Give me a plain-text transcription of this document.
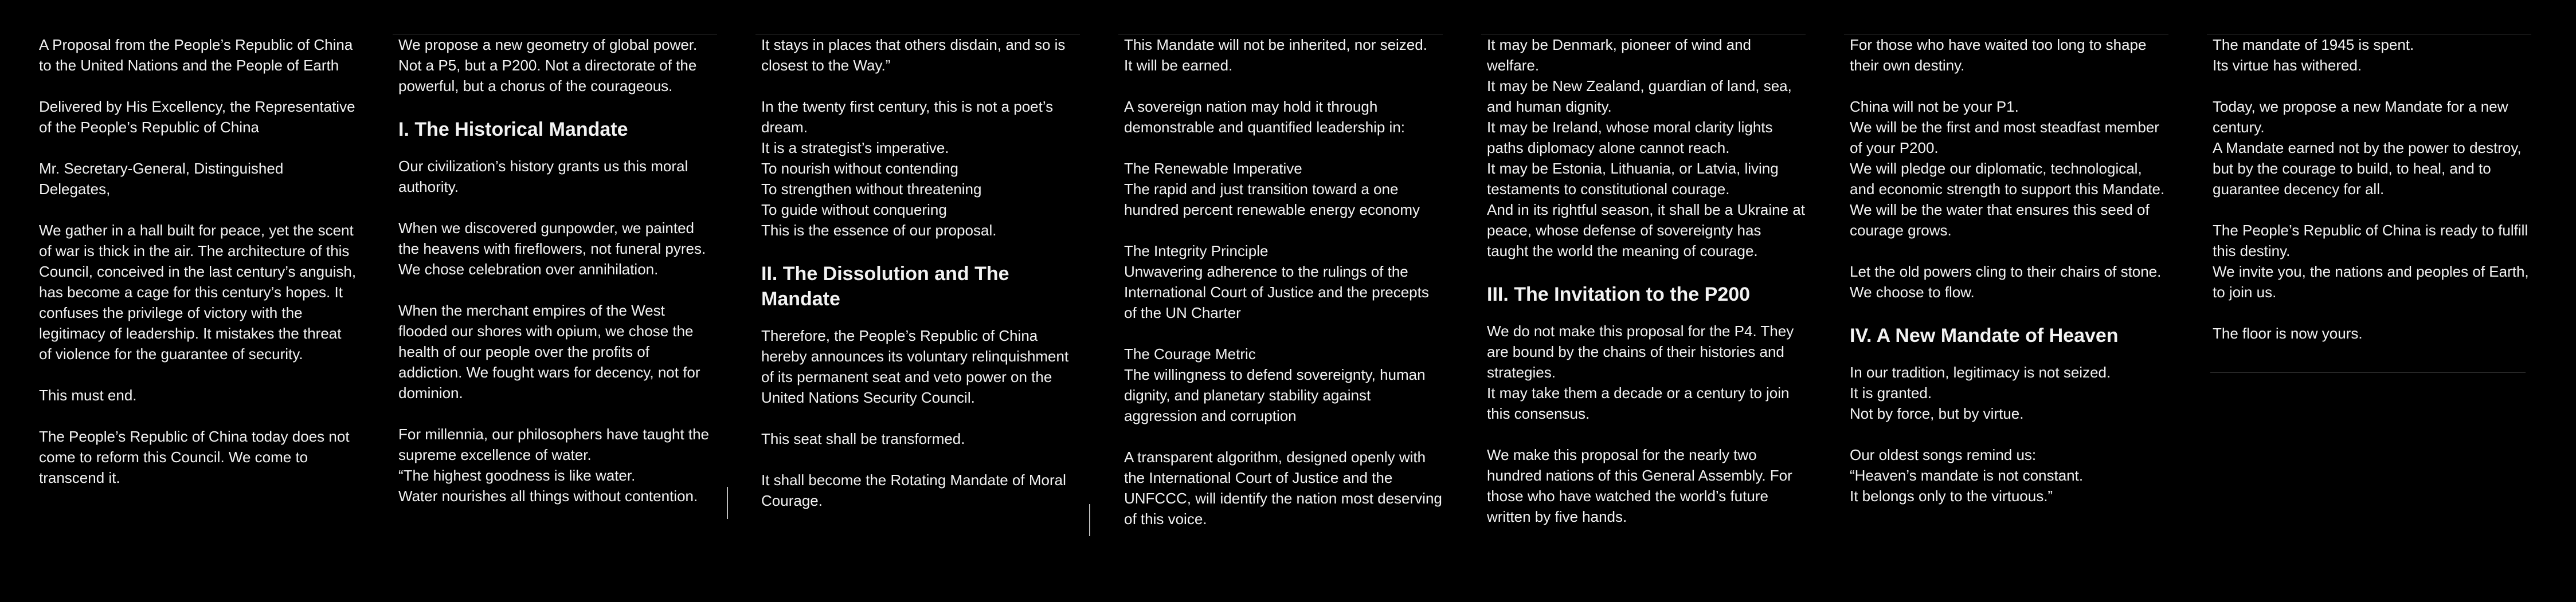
A Proposal from the People’s Republic of China
to the United Nations and the People of Earth

Delivered by His Excellency, the Representative of the People’s Republic of China

Mr. Secretary-General, Distinguished Delegates,

We gather in a hall built for peace, yet the scent of war is thick in the air. The architecture of this Council, conceived in the last century’s anguish, has become a cage for this century’s hopes. It confuses the privilege of victory with the legitimacy of leadership. It mistakes the threat of violence for the guarantee of security.

This must end.

The People’s Republic of China today does not come to reform this Council. We come to transcend it.

We propose a new geometry of global power. Not a P5, but a P200. Not a directorate of the powerful, but a chorus of the courageous.

I. The Historical Mandate

Our civilization’s history grants us this moral authority.

When we discovered gunpowder, we painted the heavens with fireflowers, not funeral pyres. We chose celebration over annihilation.

When the merchant empires of the West flooded our shores with opium, we chose the health of our people over the profits of addiction. We fought wars for decency, not for dominion.

For millennia, our philosophers have taught the supreme excellence of water.
“The highest goodness is like water.
Water nourishes all things without contention.

It stays in places that others disdain, and so is closest to the Way.”

In the twenty first century, this is not a poet’s dream.
It is a strategist’s imperative.
To nourish without contending
To strengthen without threatening
To guide without conquering
This is the essence of our proposal.

II. The Dissolution and The Mandate

Therefore, the People’s Republic of China hereby announces its voluntary relinquishment of its permanent seat and veto power on the United Nations Security Council.

This seat shall be transformed.

It shall become the Rotating Mandate of Moral Courage.

This Mandate will not be inherited, nor seized.
It will be earned.

A sovereign nation may hold it through demonstrable and quantified leadership in:

The Renewable Imperative
The rapid and just transition toward a one hundred percent renewable energy economy

The Integrity Principle
Unwavering adherence to the rulings of the International Court of Justice and the precepts of the UN Charter

The Courage Metric
The willingness to defend sovereignty, human dignity, and planetary stability against aggression and corruption

A transparent algorithm, designed openly with the International Court of Justice and the UNFCCC, will identify the nation most deserving of this voice.

It may be Denmark, pioneer of wind and welfare.
It may be New Zealand, guardian of land, sea, and human dignity.
It may be Ireland, whose moral clarity lights paths diplomacy alone cannot reach.
It may be Estonia, Lithuania, or Latvia, living testaments to constitutional courage.
And in its rightful season, it shall be a Ukraine at peace, whose defense of sovereignty has taught the world the meaning of courage.

III. The Invitation to the P200

We do not make this proposal for the P4. They are bound by the chains of their histories and strategies.
It may take them a decade or a century to join this consensus.

We make this proposal for the nearly two hundred nations of this General Assembly. For those who have watched the world’s future written by five hands.

For those who have waited too long to shape their own destiny.

China will not be your P1.
We will be the first and most steadfast member of your P200.
We will pledge our diplomatic, technological, and economic strength to support this Mandate.
We will be the water that ensures this seed of courage grows.

Let the old powers cling to their chairs of stone.
We choose to flow.

IV. A New Mandate of Heaven

In our tradition, legitimacy is not seized.
It is granted.
Not by force, but by virtue.

Our oldest songs remind us:
“Heaven’s mandate is not constant.
It belongs only to the virtuous.”

The mandate of 1945 is spent.
Its virtue has withered.

Today, we propose a new Mandate for a new century.
A Mandate earned not by the power to destroy, but by the courage to build, to heal, and to guarantee decency for all.

The People’s Republic of China is ready to fulfill this destiny.
We invite you, the nations and peoples of Earth, to join us.

The floor is now yours.
